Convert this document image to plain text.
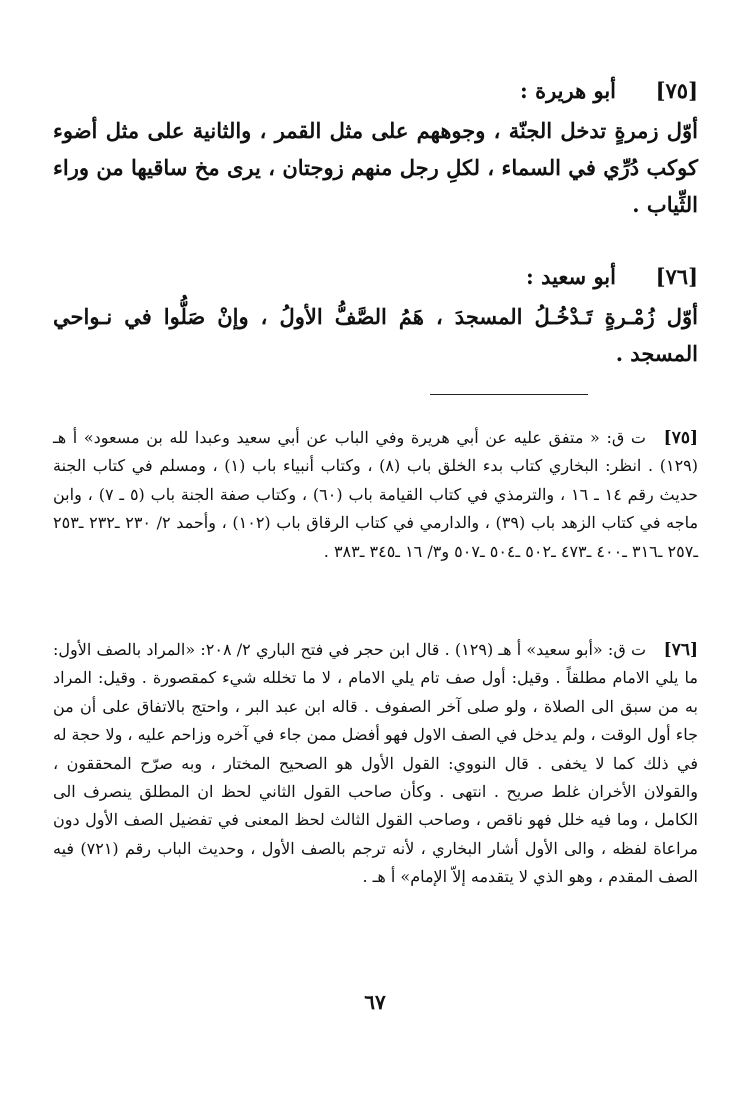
[٧٥]
أبو هريرة :

أوّل زمرةٍ تدخل الجنّة ، وجوههم على مثل القمر ، والثانية على مثل أضوء كوكب دُرِّي في السماء ، لكلِ رجل منهم زوجتان ، يرى مخ ساقيها من وراء الثِّياب .

[٧٦]
أبو سعيد :

أوّل زُمْـرةٍ تَـدْخُـلُ المسجدَ ، هَمُ الصَّفُّ الأولُ ، وإنْ صَلُّوا في نـواحي المسجد .

[٧٥]

ت ق: « متفق عليه عن أبي هريرة وفي الباب عن أبي سعيد وعبدا لله بن مسعود» أ هـ (١٢٩) . انظر: البخاري كتاب بدء الخلق باب (٨) ، وكتاب أنبياء باب (١) ، ومسلم في كتاب الجنة حديث رقم ١٤ ـ ١٦ ، والترمذي في كتاب القيامة باب (٦٠) ، وكتاب صفة الجنة باب (٥ ـ ٧) ، وابن ماجه في كتاب الزهد باب (٣٩) ، والدارمي في كتاب الرقاق باب (١٠٢) ، وأحمد ٢/ ٢٣٠ ـ٢٣٢ ـ٢٥٣ ـ٢٥٧ ـ٣١٦ ـ٤٠٠ ـ٤٧٣ ـ٥٠٢ ـ٥٠٤ ـ٥٠٧ و٣/ ١٦ ـ٣٤٥ ـ٣٨٣ .

[٧٦]

ت ق: «أبو سعيد» أ هـ (١٢٩) . قال ابن حجر في فتح الباري ٢/ ٢٠٨: «المراد بالصف الأول: ما يلي الامام مطلقاً . وقيل: أول صف تام يلي الامام ، لا ما تخلله شيء كمقصورة . وقيل: المراد به من سبق الى الصلاة ، ولو صلى آخر الصفوف . قاله ابن عبد البر ، واحتج بالاتفاق على أن من جاء أول الوقت ، ولم يدخل في الصف الاول فهو أفضل ممن جاء في آخره وزاحم عليه ، ولا حجة له في ذلك كما لا يخفى . قال النووي: القول الأول هو الصحيح المختار ، وبه صرّح المحققون ، والقولان الأخران غلط صريح . انتهى . وكأن صاحب القول الثاني لحظ ان المطلق ينصرف الى الكامل ، وما فيه خلل فهو ناقص ، وصاحب القول الثالث لحظ المعنى في تفضيل الصف الأول دون مراعاة لفظه ، والى الأول أشار البخاري ، لأنه ترجم بالصف الأول ، وحديث الباب رقم (٧٢١) فيه الصف المقدم ، وهو الذي لا يتقدمه إلاّ الإمام» أ هـ .

٦٧
